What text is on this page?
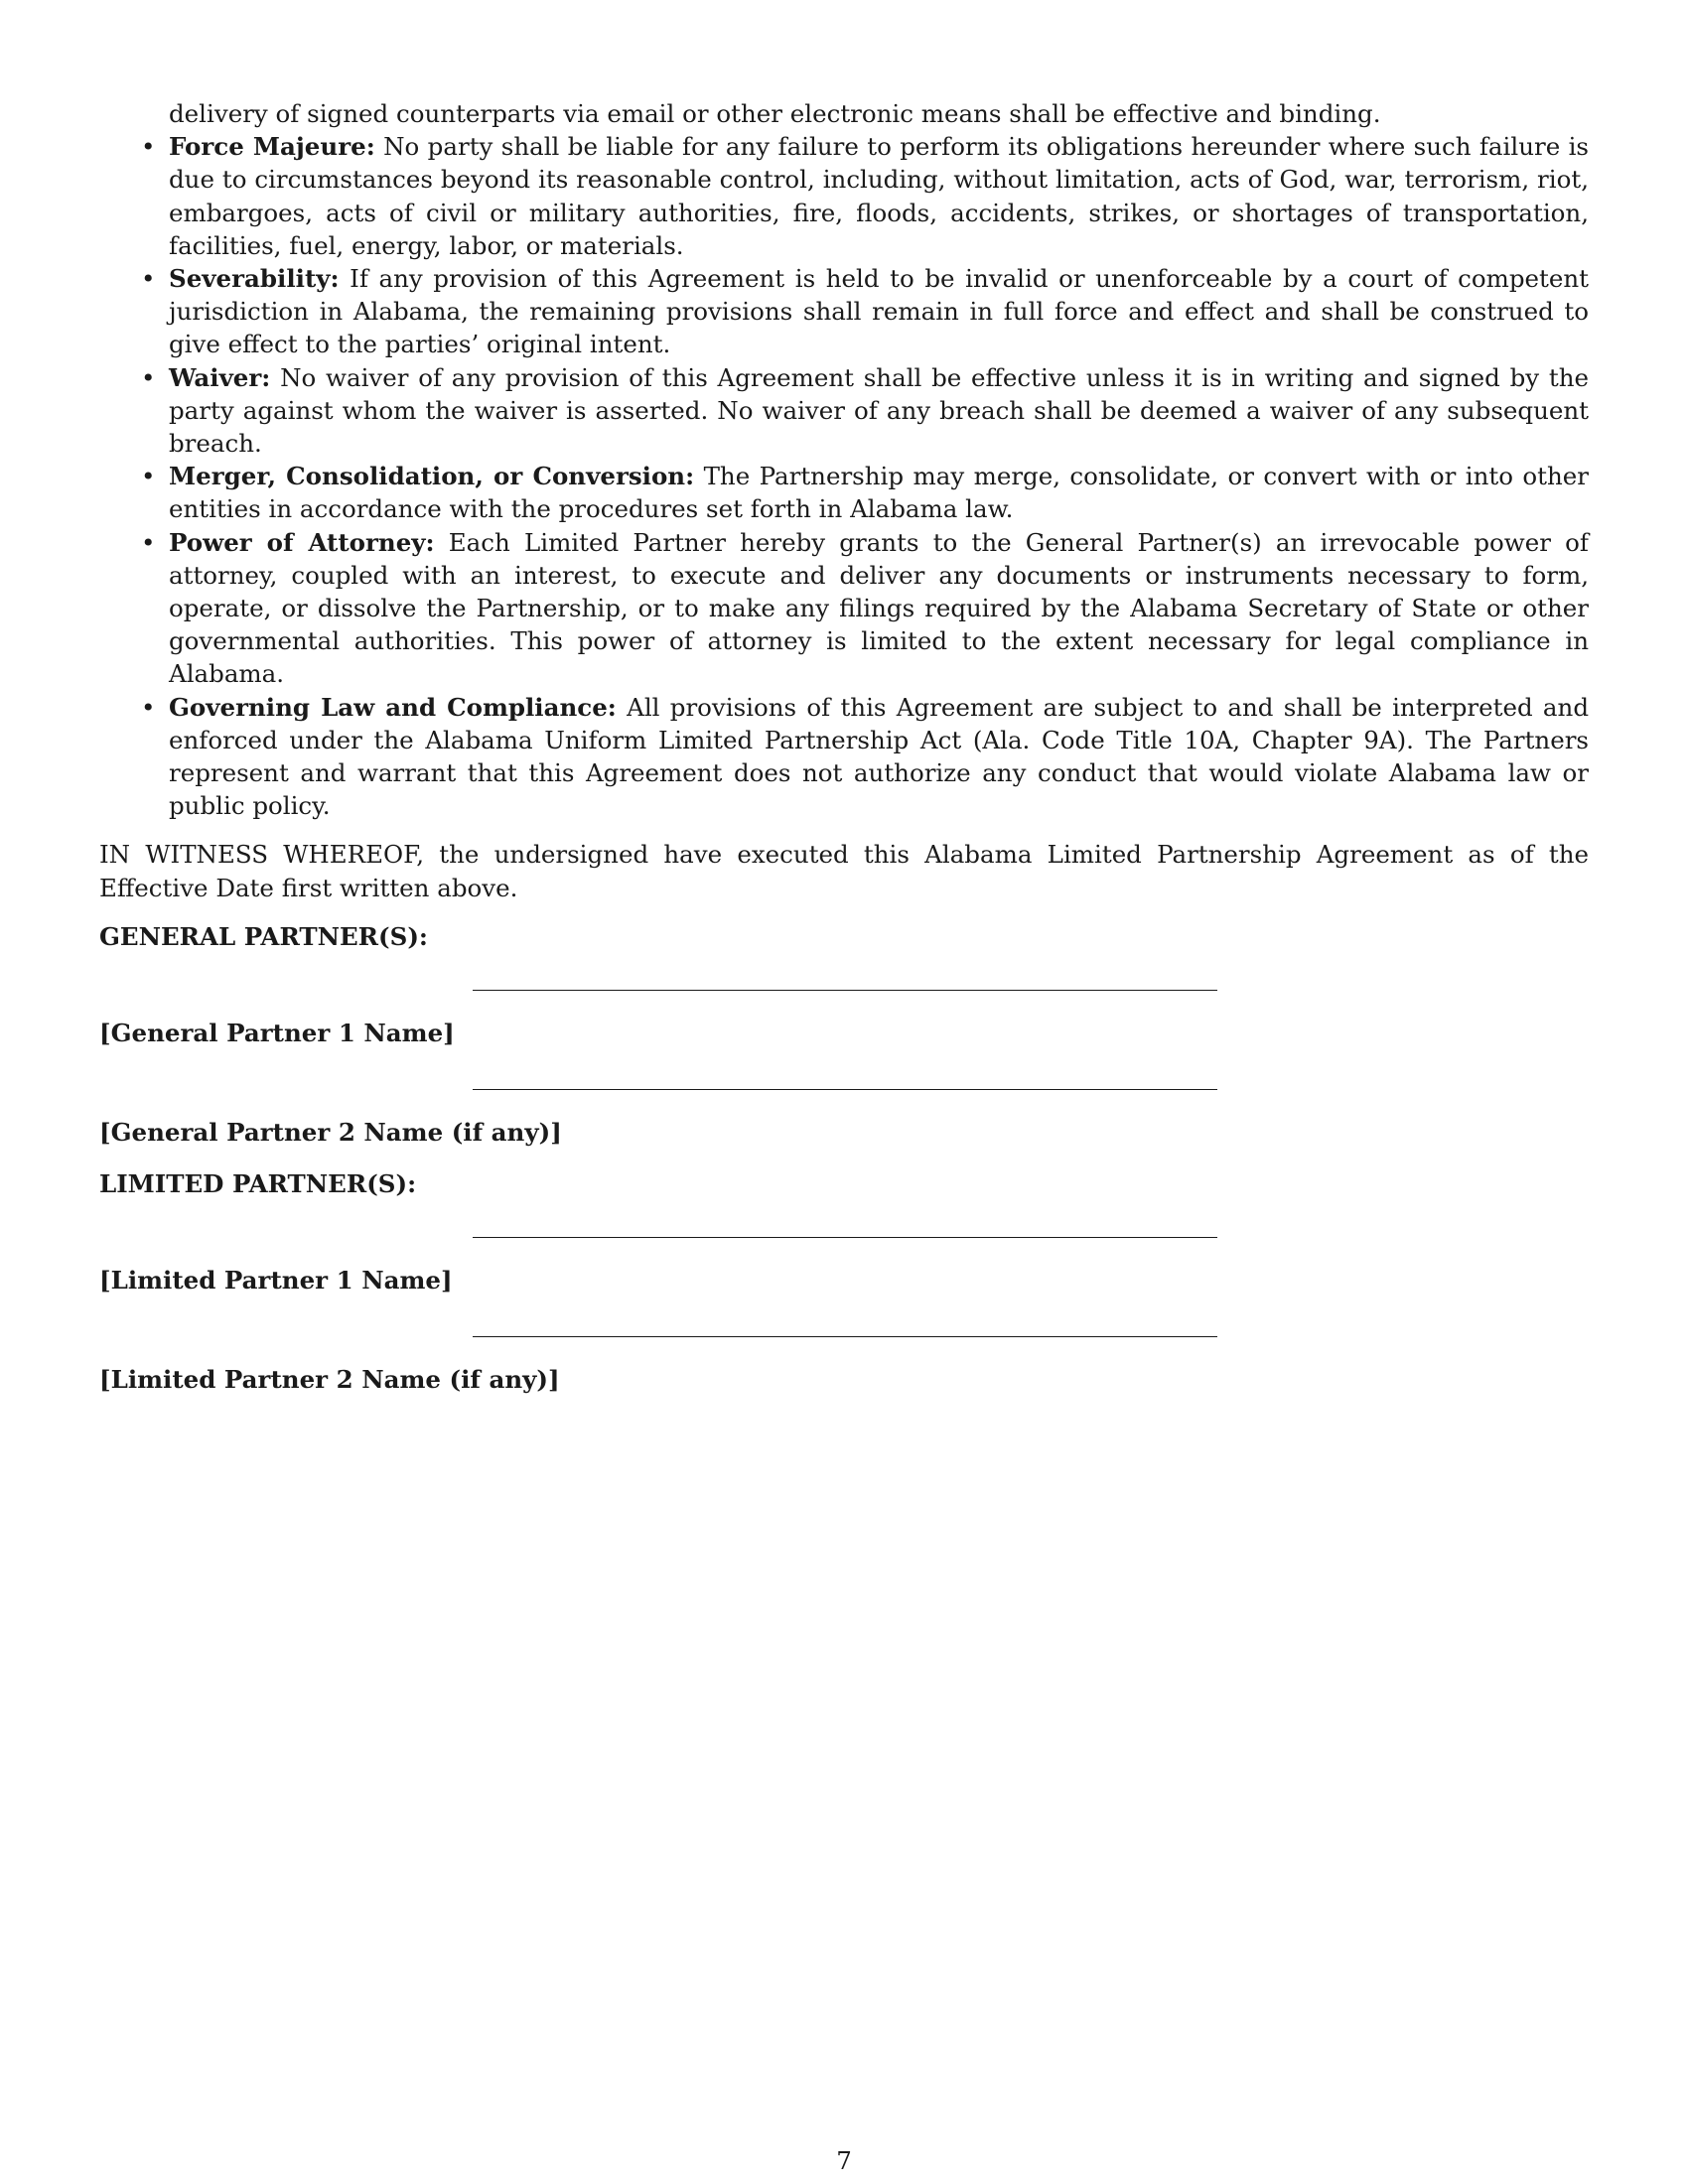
delivery of signed counterparts via email or other electronic means shall be effective and binding.
• Force Majeure: No party shall be liable for any failure to perform its obligations hereunder where such failure is due to circumstances beyond its reasonable control, including, without limitation, acts of God, war, terrorism, riot, embargoes, acts of civil or military authorities, fire, floods, accidents, strikes, or shortages of transportation, facilities, fuel, energy, labor, or materials.
• Severability: If any provision of this Agreement is held to be invalid or unenforceable by a court of competent jurisdiction in Alabama, the remaining provisions shall remain in full force and effect and shall be construed to give effect to the parties’ original intent.
• Waiver: No waiver of any provision of this Agreement shall be effective unless it is in writing and signed by the party against whom the waiver is asserted. No waiver of any breach shall be deemed a waiver of any subsequent breach.
• Merger, Consolidation, or Conversion: The Partnership may merge, consolidate, or convert with or into other entities in accordance with the procedures set forth in Alabama law.
• Power of Attorney: Each Limited Partner hereby grants to the General Partner(s) an irrevocable power of attorney, coupled with an interest, to execute and deliver any documents or instruments necessary to form, operate, or dissolve the Partnership, or to make any filings required by the Alabama Secretary of State or other governmental authorities. This power of attorney is limited to the extent necessary for legal compliance in Alabama.
• Governing Law and Compliance: All provisions of this Agreement are subject to and shall be interpreted and enforced under the Alabama Uniform Limited Partnership Act (Ala. Code Title 10A, Chapter 9A). The Partners represent and warrant that this Agreement does not authorize any conduct that would violate Alabama law or public policy.
IN WITNESS WHEREOF, the undersigned have executed this Alabama Limited Partnership Agreement as of the Effective Date first written above.
GENERAL PARTNER(S):
[General Partner 1 Name]
[General Partner 2 Name (if any)]
LIMITED PARTNER(S):
[Limited Partner 1 Name]
[Limited Partner 2 Name (if any)]
7
